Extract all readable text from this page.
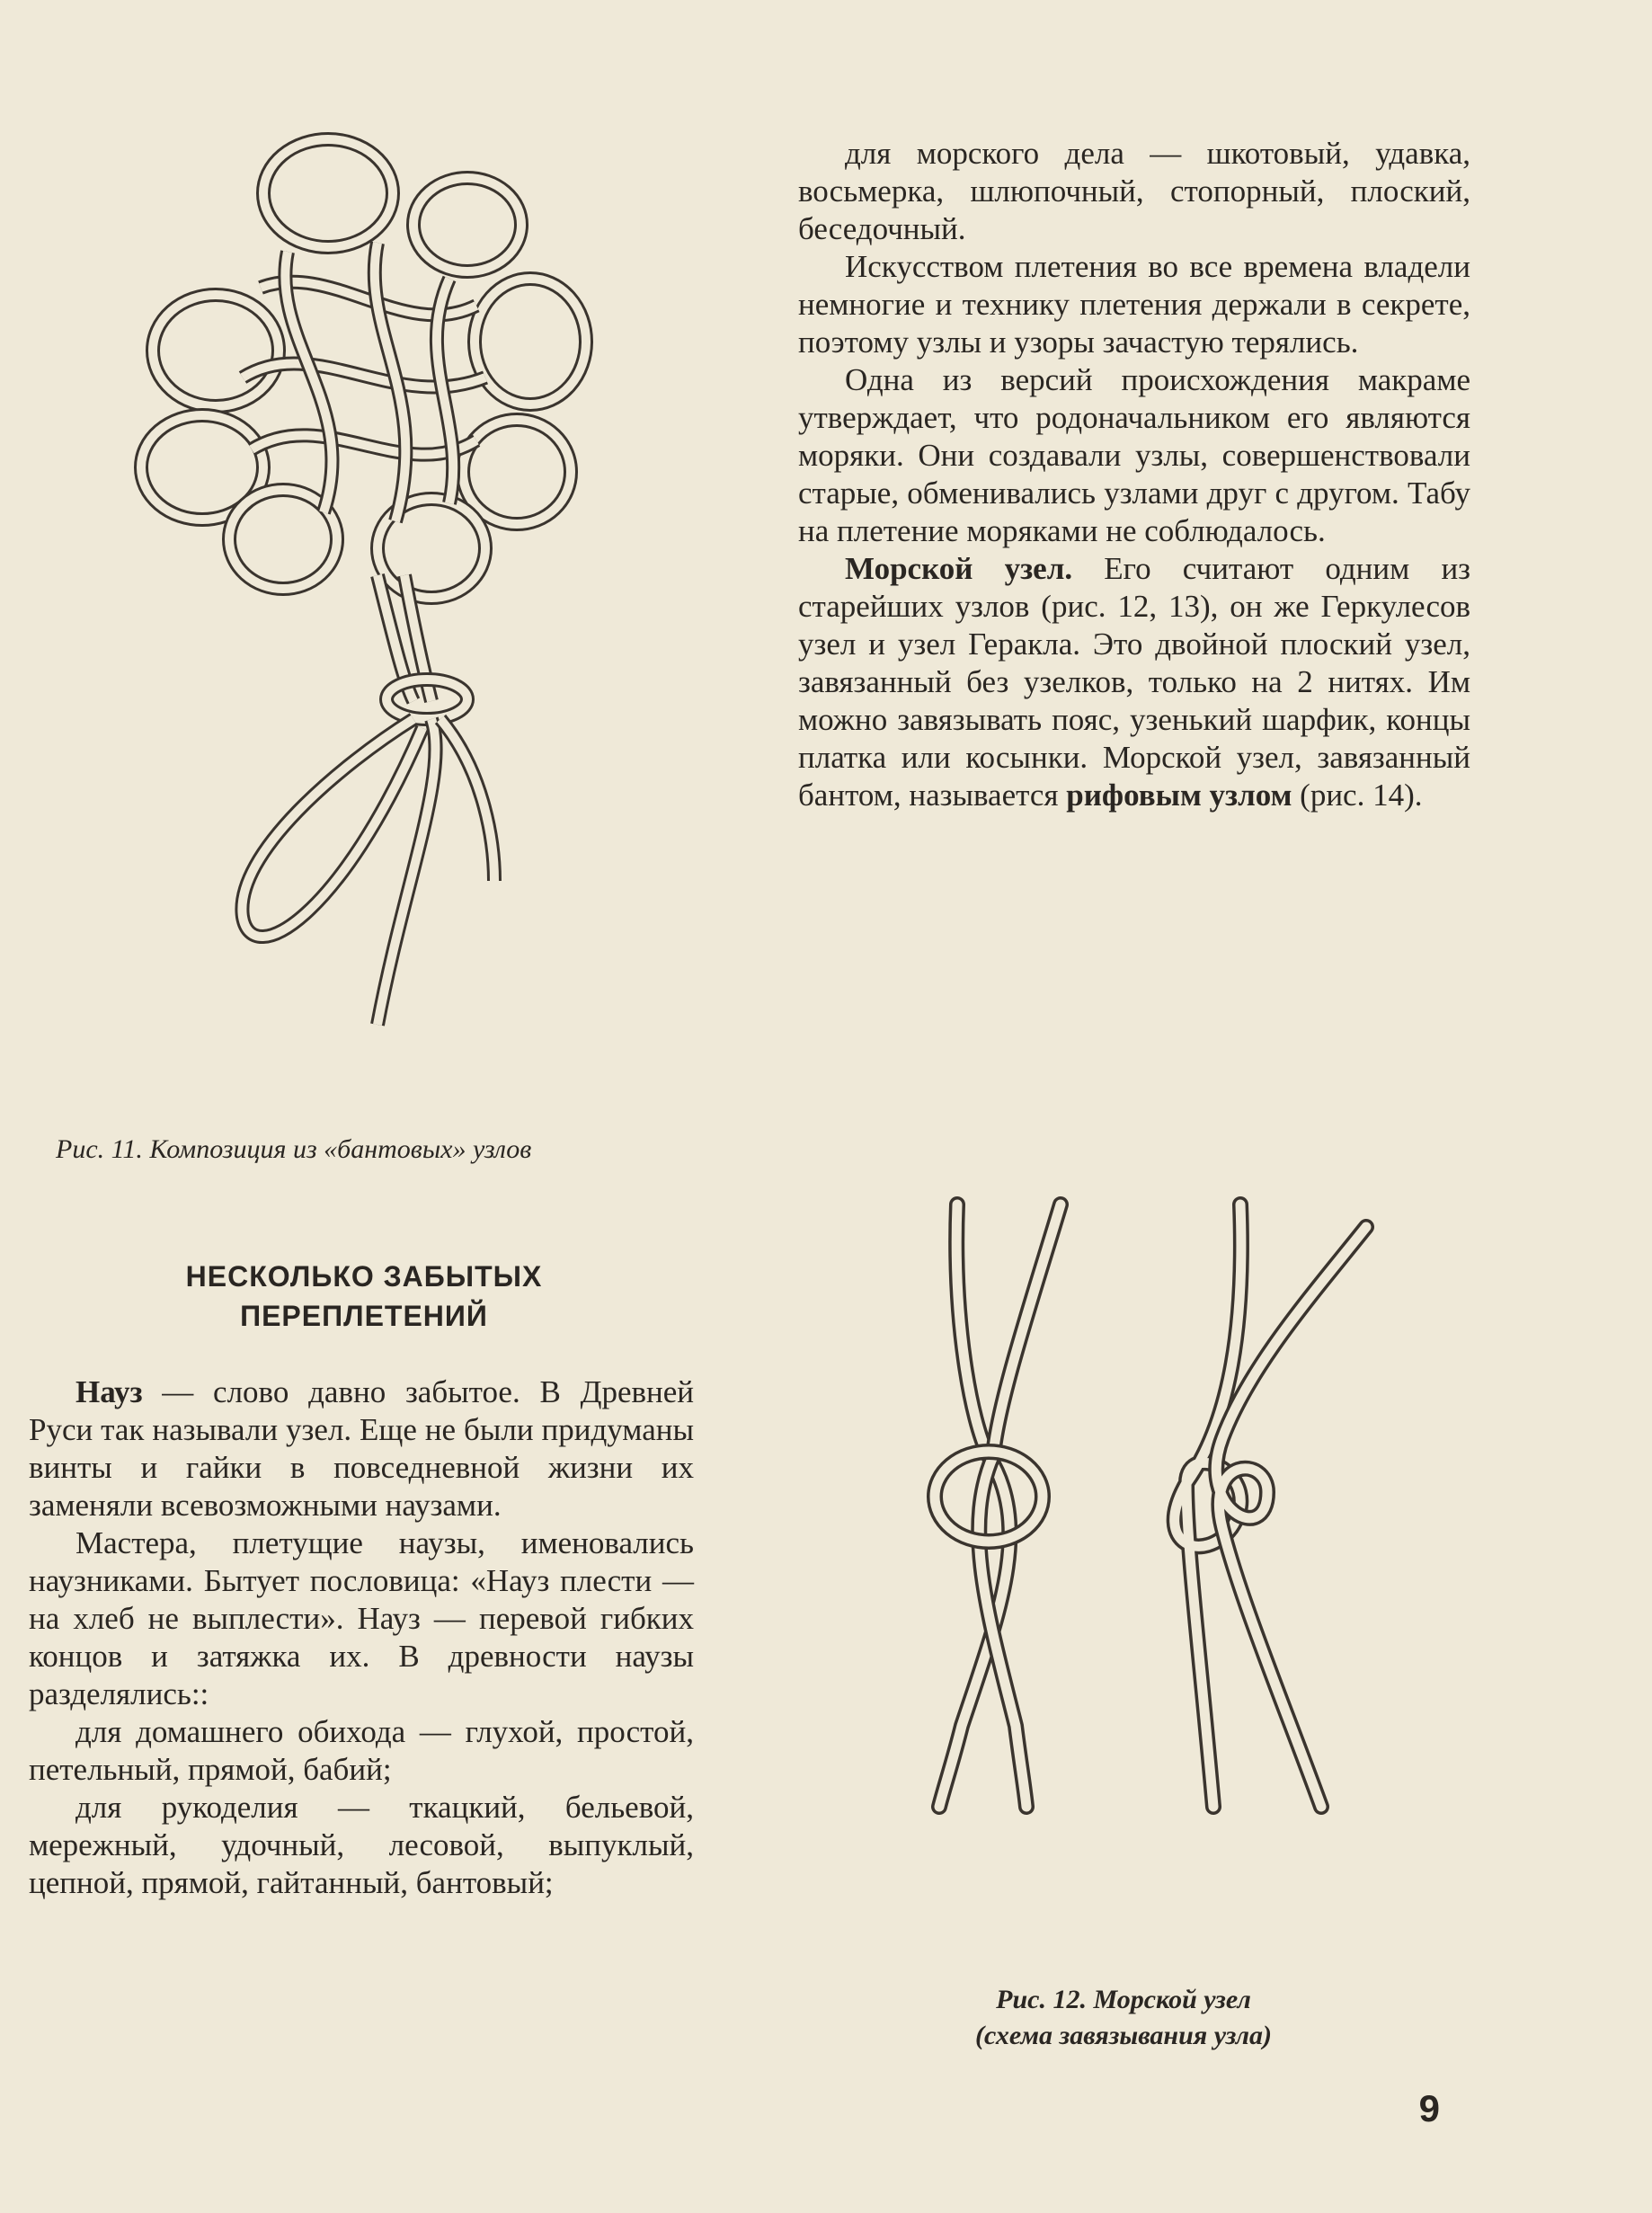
Рис. 11. Композиция из «бантовых» узлов
НЕСКОЛЬКО ЗАБЫТЫХ
ПЕРЕПЛЕТЕНИЙ

Науз — слово давно забытое. В Древней Руси так называли узел. Еще не были придуманы винты и гайки в повседневной жизни их заменяли всевозможными наузами.

Мастера, плетущие наузы, именовались наузниками. Бытует пословица: «Науз плести — на хлеб не выплести». Науз — перевой гибких концов и затяжка их. В древности наузы разделялись::

для домашнего обихода — глухой, простой, петельный, прямой, бабий;

для рукоделия — ткацкий, бельевой, мережный, удочный, лесовой, выпуклый, цепной, прямой, гайтанный, бантовый;

для морского дела — шкотовый, удавка, восьмерка, шлюпочный, стопорный, плоский, беседочный.

Искусством плетения во все времена владели немногие и технику плетения держали в секрете, поэтому узлы и узоры зачастую терялись.

Одна из версий происхождения макраме утверждает, что родоначальником его являются моряки. Они создавали узлы, совершенствовали старые, обменивались узлами друг с другом. Табу на плетение моряками не соблюдалось.

Морской узел. Его считают одним из старейших узлов (рис. 12, 13), он же Геркулесов узел и узел Геракла. Это двойной плоский узел, завязанный без узелков, только на 2 нитях. Им можно завязывать пояс, узенький шарфик, концы платка или косынки. Морской узел, завязанный бантом, называется рифовым узлом (рис. 14).

Рис. 12. Морской узел
(схема завязывания узла)
9
